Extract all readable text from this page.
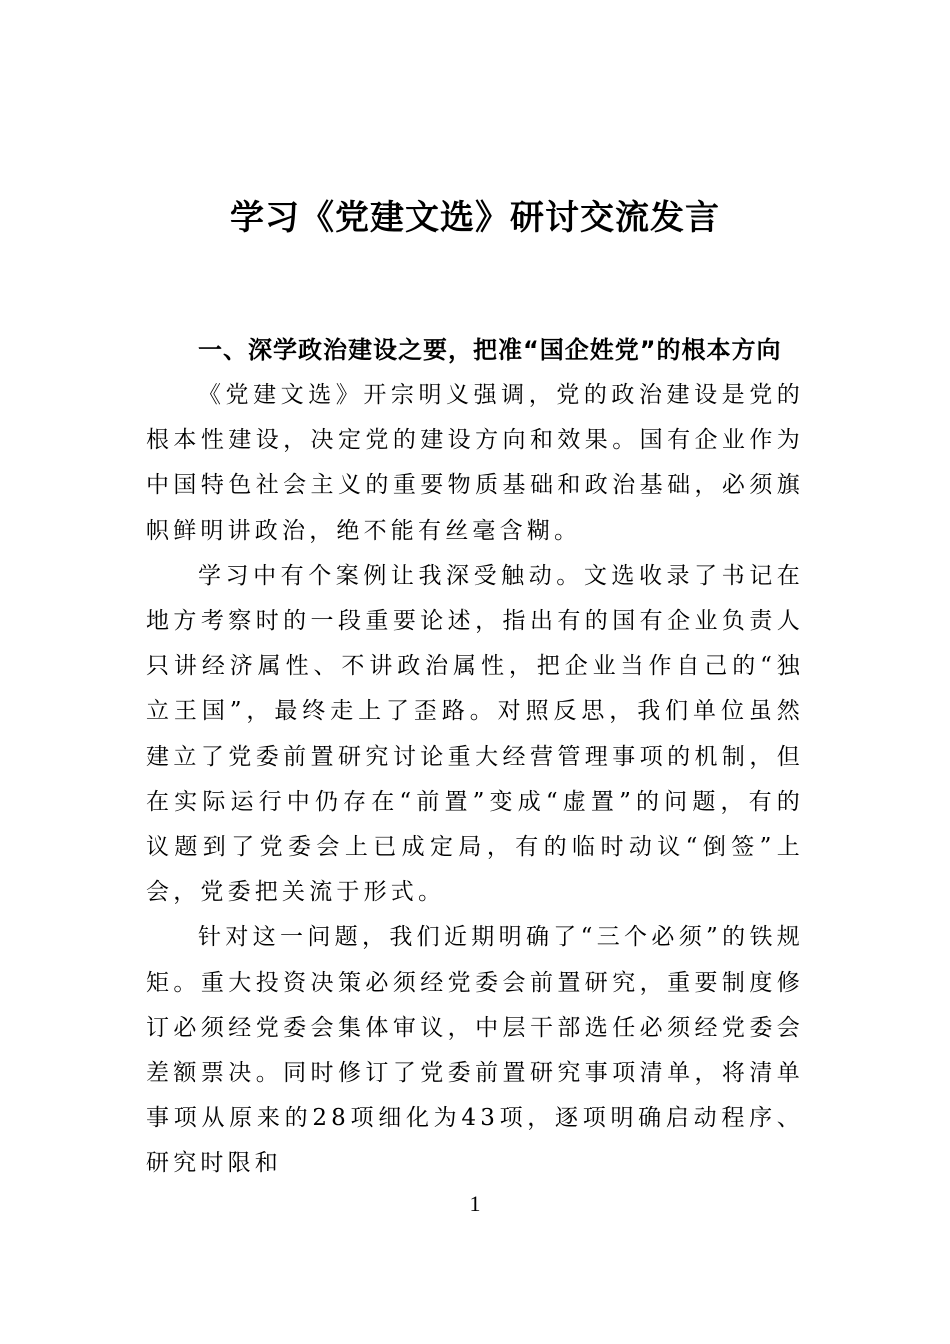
学习《党建文选》研讨交流发言

一、深学政治建设之要，把准“国企姓党”的根本方向

《党建文选》开宗明义强调，党的政治建设是党的根本性建设，决定党的建设方向和效果。国有企业作为中国特色社会主义的重要物质基础和政治基础，必须旗帜鲜明讲政治，绝不能有丝毫含糊。

学习中有个案例让我深受触动。文选收录了书记在地方考察时的一段重要论述，指出有的国有企业负责人只讲经济属性、不讲政治属性，把企业当作自己的“独立王国”，最终走上了歪路。对照反思，我们单位虽然建立了党委前置研究讨论重大经营管理事项的机制，但在实际运行中仍存在“前置”变成“虚置”的问题，有的议题到了党委会上已成定局，有的临时动议“倒签”上会，党委把关流于形式。

针对这一问题，我们近期明确了“三个必须”的铁规矩。重大投资决策必须经党委会前置研究，重要制度修订必须经党委会集体审议，中层干部选任必须经党委会差额票决。同时修订了党委前置研究事项清单，将清单事项从原来的28项细化为43项，逐项明确启动程序、研究时限和

1
